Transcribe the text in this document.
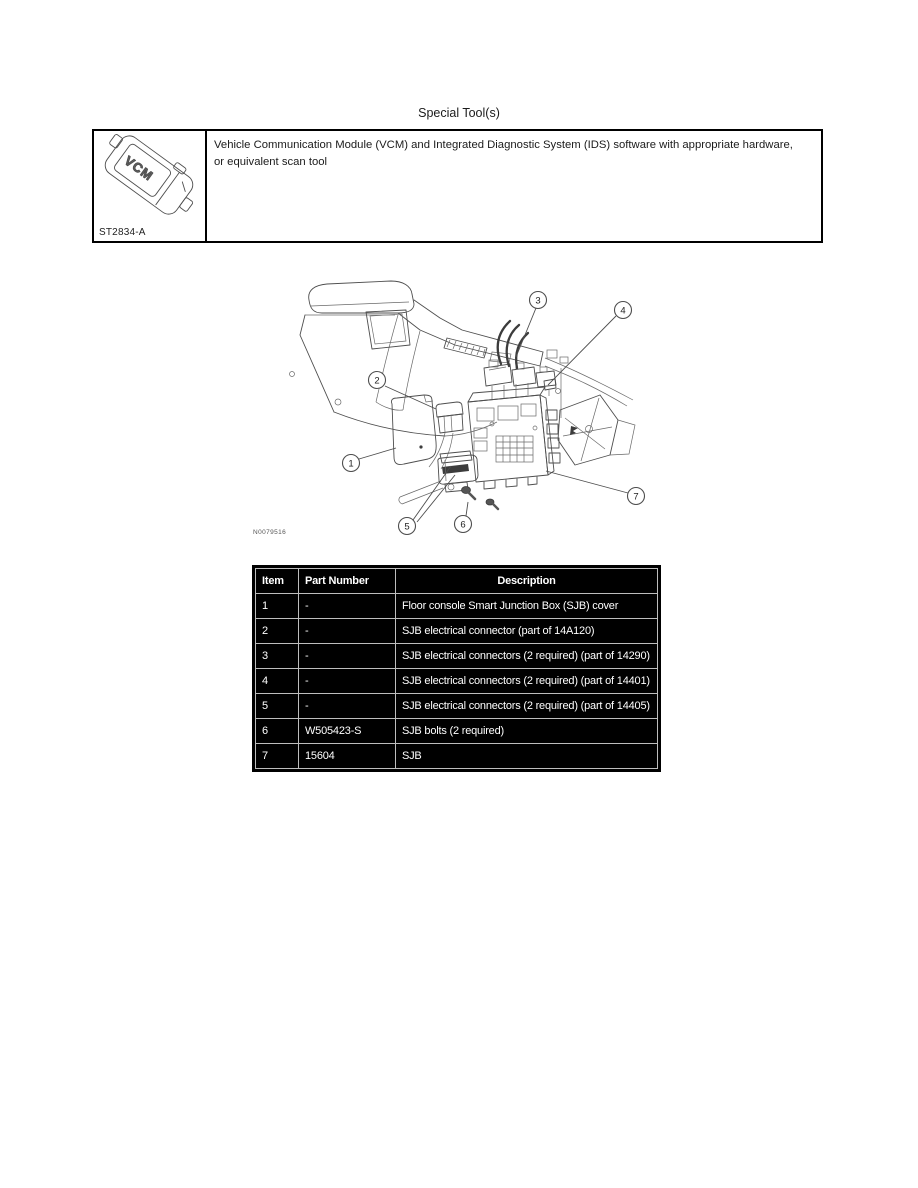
Special Tool(s)
VCM
ST2834-A
Vehicle Communication Module (VCM) and Integrated Diagnostic System (IDS) software with appropriate hardware, or equivalent scan tool
N0079516
1
2
3
4
5	6
7
Item	Part Number	Description
1	-	Floor console Smart Junction Box (SJB) cover
2	-	SJB electrical connector (part of 14A120)
3	-	SJB electrical connectors (2 required) (part of 14290)
4	-	SJB electrical connectors (2 required) (part of 14401)
5	-	SJB electrical connectors (2 required) (part of 14405)
6	W505423-S	SJB bolts (2 required)
7	15604	SJB
